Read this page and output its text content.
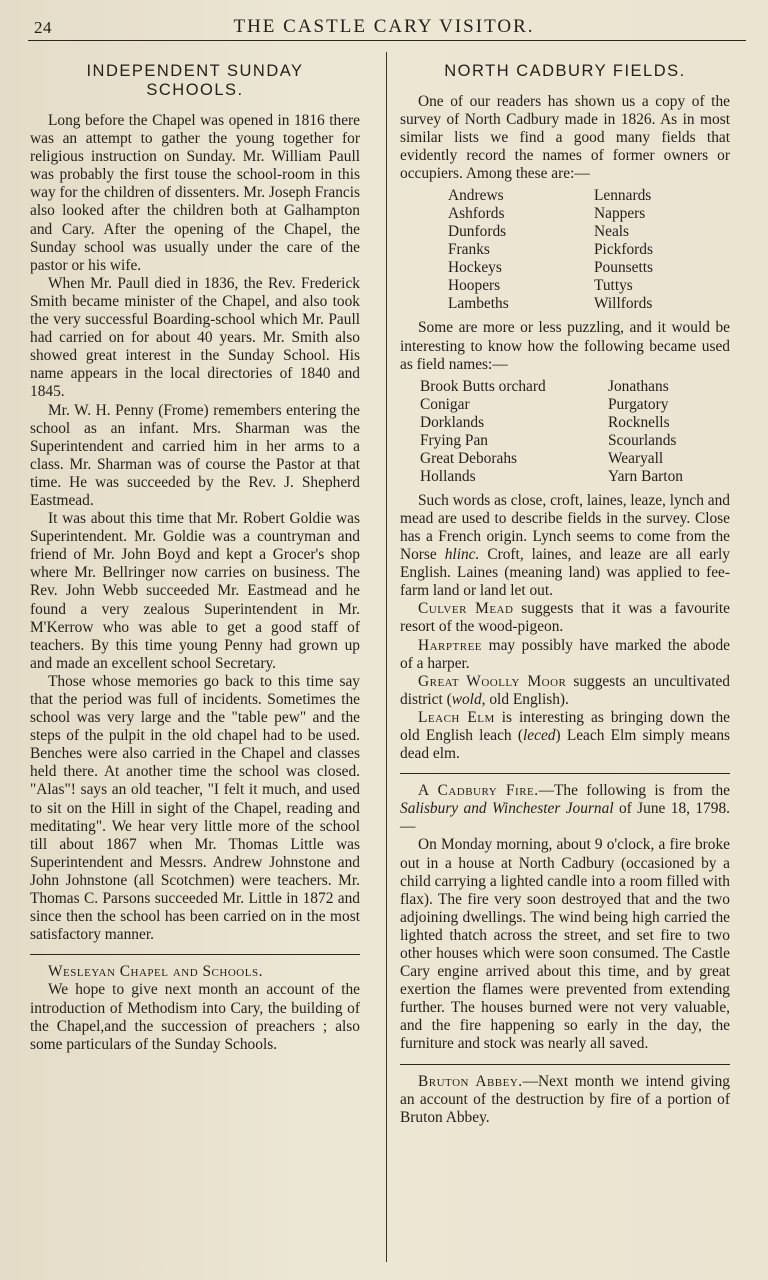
24	THE CASTLE CARY VISITOR.
INDEPENDENT SUNDAY
SCHOOLS.

Long before the Chapel was opened in 1816 there was an attempt to gather the young together for religious instruction on Sunday. Mr. William Paull was probably the first touse the school-room in this way for the children of dissenters. Mr. Joseph Francis also looked after the children both at Galhampton and Cary. After the opening of the Chapel, the Sunday school was usually under the care of the pastor or his wife.

When Mr. Paull died in 1836, the Rev. Frederick Smith became minister of the Chapel, and also took the very successful Boarding-school which Mr. Paull had carried on for about 40 years. Mr. Smith also showed great interest in the Sunday School. His name appears in the local directories of 1840 and 1845.

Mr. W. H. Penny (Frome) remembers entering the school as an infant. Mrs. Sharman was the Superintendent and carried him in her arms to a class. Mr. Sharman was of course the Pastor at that time. He was succeeded by the Rev. J. Shepherd Eastmead.

It was about this time that Mr. Robert Goldie was Superintendent. Mr. Goldie was a countryman and friend of Mr. John Boyd and kept a Grocer's shop where Mr. Bellringer now carries on business. The Rev. John Webb succeeded Mr. Eastmead and he found a very zealous Superintendent in Mr. M'Kerrow who was able to get a good staff of teachers. By this time young Penny had grown up and made an excellent school Secretary.

Those whose memories go back to this time say that the period was full of incidents. Sometimes the school was very large and the "table pew" and the steps of the pulpit in the old chapel had to be used. Benches were also carried in the Chapel and classes held there. At another time the school was closed. "Alas"! says an old teacher, "I felt it much, and used to sit on the Hill in sight of the Chapel, reading and meditating". We hear very little more of the school till about 1867 when Mr. Thomas Little was Superintendent and Messrs. Andrew Johnstone and John Johnstone (all Scotchmen) were teachers. Mr. Thomas C. Parsons succeeded Mr. Little in 1872 and since then the school has been carried on in the most satisfactory manner.

Wesleyan Chapel and Schools.

We hope to give next month an account of the introduction of Methodism into Cary, the building of the Chapel,and the succession of preachers ; also some particulars of the Sunday Schools.

NORTH CADBURY FIELDS.

One of our readers has shown us a copy of the survey of North Cadbury made in 1826. As in most similar lists we find a good many fields that evidently record the names of former owners or occupiers. Among these are:—

Andrews	Lennards
Ashfords	Nappers
Dunfords	Neals
Franks	Pickfords
Hockeys	Pounsetts
Hoopers	Tuttys
Lambeths	Willfords

Some are more or less puzzling, and it would be interesting to know how the following became used as field names:—

Brook Butts orchard	Jonathans
Conigar	Purgatory
Dorklands	Rocknells
Frying Pan	Scourlands
Great Deborahs	Wearyall
Hollands	Yarn Barton

Such words as close, croft, laines, leaze, lynch and mead are used to describe fields in the survey. Close has a French origin. Lynch seems to come from the Norse hlinc. Croft, laines, and leaze are all early English. Laines (meaning land) was applied to fee-farm land or land let out.

Culver Mead suggests that it was a favourite resort of the wood-pigeon.

Harptree may possibly have marked the abode of a harper.

Great Woolly Moor suggests an uncultivated district (wold, old English).

Leach Elm is interesting as bringing down the old English leach (leced) Leach Elm simply means dead elm.

A Cadbury Fire.—The following is from the Salisbury and Winchester Journal of June 18, 1798.—

On Monday morning, about 9 o'clock, a fire broke out in a house at North Cadbury (occasioned by a child carrying a lighted candle into a room filled with flax). The fire very soon destroyed that and the two adjoining dwellings. The wind being high carried the lighted thatch across the street, and set fire to two other houses which were soon consumed. The Castle Cary engine arrived about this time, and by great exertion the flames were prevented from extending further. The houses burned were not very valuable, and the fire happening so early in the day, the furniture and stock was nearly all saved.

Bruton Abbey.—Next month we intend giving an account of the destruction by fire of a portion of Bruton Abbey.
